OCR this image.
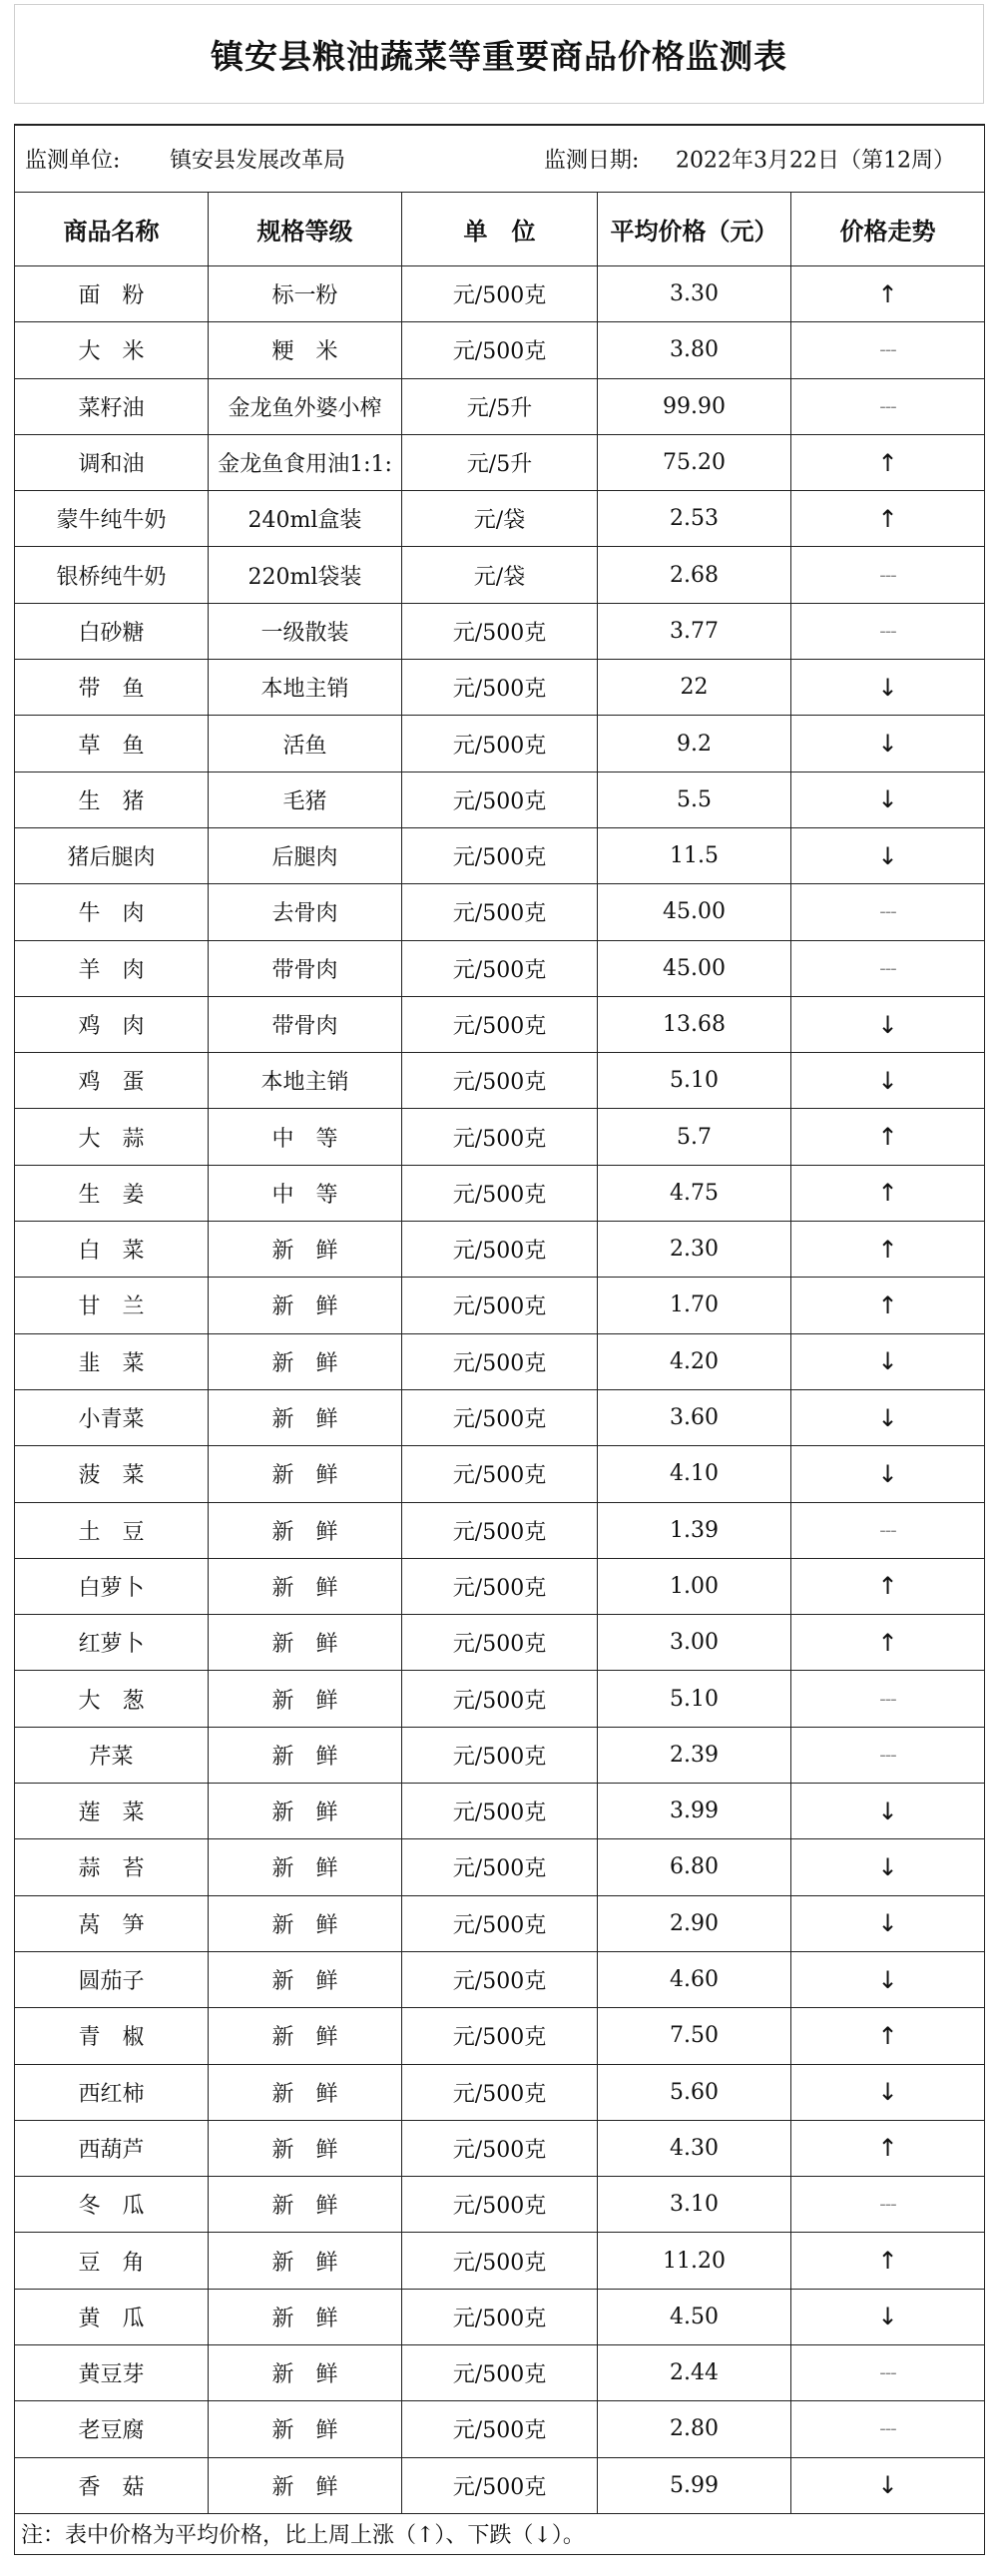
镇安县粮油蔬菜等重要商品价格监测表
监测单位: 镇安县发展改革局 监测日期: 2022年3月22日（第12周）				

商品名称	规格等级	单　位	平均价格（元）	价格走势
面　粉	标一粉	元/500克	3.30	↑
大　米	粳　米	元/500克	3.80	---
菜籽油	金龙鱼外婆小榨	元/5升	99.90	---
调和油	金龙鱼食用油1:1:	元/5升	75.20	↑
蒙牛纯牛奶	240ml盒装	元/袋	2.53	↑
银桥纯牛奶	220ml袋装	元/袋	2.68	---
白砂糖	一级散装	元/500克	3.77	---
带　鱼	本地主销	元/500克	22	↓
草　鱼	活鱼	元/500克	9.2	↓
生　猪	毛猪	元/500克	5.5	↓
猪后腿肉	后腿肉	元/500克	11.5	↓
牛　肉	去骨肉	元/500克	45.00	---
羊　肉	带骨肉	元/500克	45.00	---
鸡　肉	带骨肉	元/500克	13.68	↓
鸡　蛋	本地主销	元/500克	5.10	↓
大　蒜	中　等	元/500克	5.7	↑
生　姜	中　等	元/500克	4.75	↑
白　菜	新　鲜	元/500克	2.30	↑
甘　兰	新　鲜	元/500克	1.70	↑
韭　菜	新　鲜	元/500克	4.20	↓
小青菜	新　鲜	元/500克	3.60	↓
菠　菜	新　鲜	元/500克	4.10	↓
土　豆	新　鲜	元/500克	1.39	---
白萝卜	新　鲜	元/500克	1.00	↑
红萝卜	新　鲜	元/500克	3.00	↑
大　葱	新　鲜	元/500克	5.10	---
芹菜	新　鲜	元/500克	2.39	---
莲　菜	新　鲜	元/500克	3.99	↓
蒜　苔	新　鲜	元/500克	6.80	↓
莴　笋	新　鲜	元/500克	2.90	↓
圆茄子	新　鲜	元/500克	4.60	↓
青　椒	新　鲜	元/500克	7.50	↑
西红柿	新　鲜	元/500克	5.60	↓
西葫芦	新　鲜	元/500克	4.30	↑
冬　瓜	新　鲜	元/500克	3.10	---
豆　角	新　鲜	元/500克	11.20	↑
黄　瓜	新　鲜	元/500克	4.50	↓
黄豆芽	新　鲜	元/500克	2.44	---
老豆腐	新　鲜	元/500克	2.80	---
香　菇	新　鲜	元/500克	5.99	↓
注：表中价格为平均价格，比上周上涨（↑）、下跌（↓）。				
